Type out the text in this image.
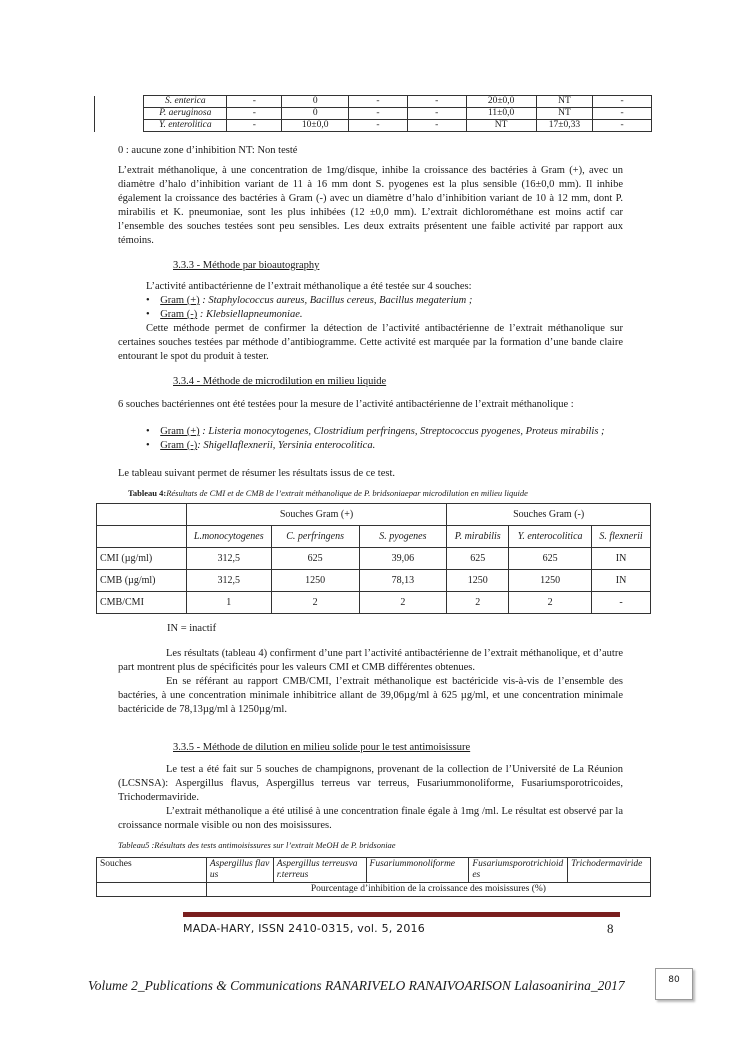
	S. enterica	-	0	-	-	20±0,0	NT	-
	P. aeruginosa	-	0	-	-	11±0,0	NT	-
	Y. enterolitica	-	10±0,0	-	-	NT	17±0,33	-
0 : aucune zone d’inhibition NT: Non testé
L’extrait méthanolique, à une concentration de 1mg/disque, inhibe la croissance des bactéries à Gram (+), avec un diamètre d’halo d’inhibition variant de 11 à 16 mm dont S. pyogenes est la plus sensible (16±0,0 mm). Il inhibe également la croissance des bactéries à Gram (-) avec un diamètre d’halo d’inhibition variant de 10 à 12 mm, dont P. mirabilis et K. pneumoniae, sont les plus inhibées (12 ±0,0 mm). L’extrait dichlorométhane est moins actif car l’ensemble des souches testées sont peu sensibles. Les deux extraits présentent une faible activité par rapport aux témoins.
3.3.3 - Méthode par bioautography
L’activité antibactérienne de l’extrait méthanolique a été testée sur 4 souches:
•    Gram (+) : Staphylococcus aureus, Bacillus cereus, Bacillus megaterium ;
•    Gram (-) : Klebsiellapneumoniae.
Cette méthode permet de confirmer la détection de l’activité antibactérienne de l’extrait méthanolique sur certaines souches testées par méthode d’antibiogramme. Cette activité est marquée par la formation d’une bande claire entourant le spot du produit à tester.
3.3.4 - Méthode de microdilution en milieu liquide
6 souches bactériennes ont été testées pour la mesure de l’activité antibactérienne de l’extrait méthanolique :
•    Gram (+) : Listeria monocytogenes, Clostridium perfringens, Streptococcus pyogenes, Proteus mirabilis ;
•    Gram (-): Shigellaflexnerii, Yersinia enterocolitica.
Le tableau suivant permet de résumer les résultats issus de ce test.
Tableau 4:Résultats de CMI et de CMB de l’extrait méthanolique de P. bridsoniaepar microdilution en milieu liquide
	Souches Gram (+)			Souches Gram (-)		
	L.monocytogenes	C. perfringens	S. pyogenes	P. mirabilis	Y. enterocolitica	S. flexnerii
CMI (µg/ml)	312,5	625	39,06	625	625	IN
CMB (µg/ml)	312,5	1250	78,13	1250	1250	IN
CMB/CMI	1	2	2	2	2	-
IN = inactif
Les résultats (tableau 4) confirment d’une part l’activité antibactérienne de l’extrait méthanolique, et d’autre part montrent plus de spécificités pour les valeurs CMI et CMB différentes obtenues.
En se référant au rapport CMB/CMI, l’extrait méthanolique est bactéricide vis-à-vis de l’ensemble des bactéries, à une concentration minimale inhibitrice allant de 39,06µg/ml à 625 µg/ml, et une concentration minimale bactéricide de 78,13µg/ml à 1250µg/ml.
3.3.5 - Méthode de dilution en milieu solide pour le test antimoisissure
Le test a été fait sur 5 souches de champignons, provenant de la collection de l’Université de La Réunion (LCSNSA): Aspergillus flavus, Aspergillus terreus var terreus, Fusariummonoliforme, Fusariumsporotricoides, Trichodermaviride.
L’extrait méthanolique a été utilisé à une concentration finale égale à 1mg /ml. Le résultat est observé par la croissance normale visible ou non des moisissures.
Tableau5 :Résultats des tests antimoisissures sur l’extrait MeOH de P. bridsoniae
Souches	Aspergillus flavus	Aspergillus terreusvar.terreus	Fusariummonoliforme	Fusariumsporotrichioides	Trichodermaviride
	Pourcentage d’inhibition de la croissance des moisissures (%)				
MADA-HARY, ISSN 2410-0315, vol. 5, 2016	8
Volume 2_Publications & Communications RANARIVELO RANAIVOARISON Lalasoanirina_2017	80
